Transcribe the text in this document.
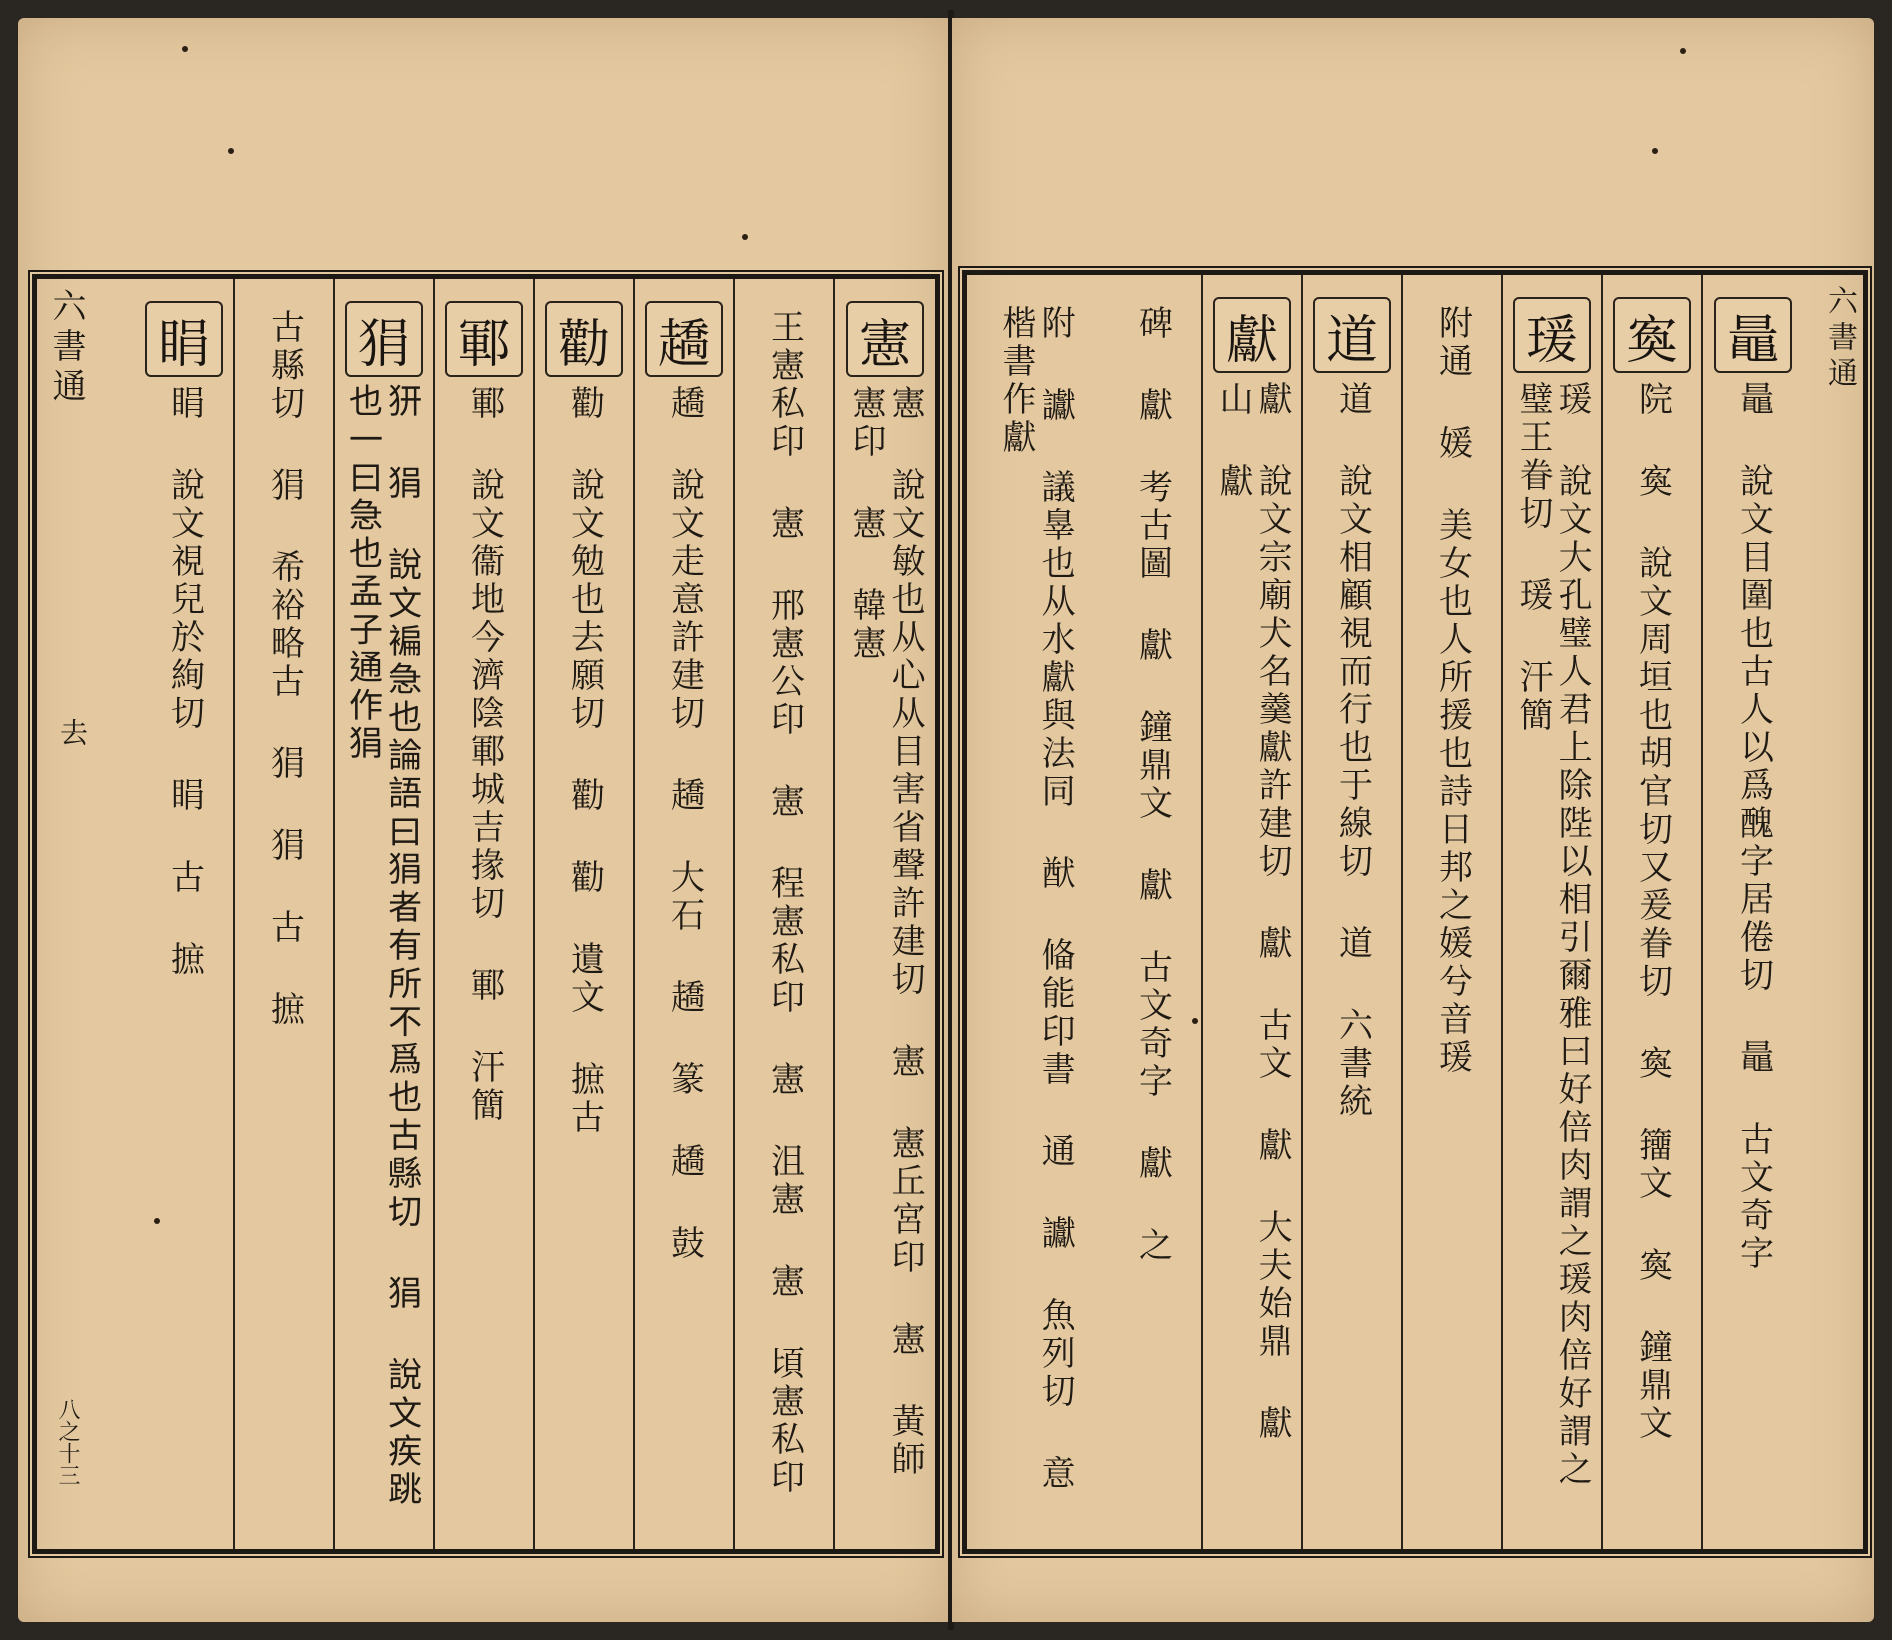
六書通
八之十三
去
憲
憲 說文敏也从心从目害省聲許建切 憲 憲丘宮印 憲 黃師憲印 憲 韓憲
王憲私印 憲 邢憲公印 憲 程憲私印 憲 沮憲 憲 頃憲私印
趫
趫 說文走意許建切 趫 大石 趫 篆 趫 鼓
勸
勸 說文勉也去願切 勸 勸 遺文 摭古
鄆
鄆 說文衞地今濟陰鄆城吉掾切 鄆 汗簡
狷
𤜵 狷 說文褊急也論語曰狷者有所不爲也古縣切 狷 說文疾跳也一曰急也孟子通作狷
古縣切 狷 希裕略古 狷 狷 古 摭
睊
睊 說文視兒於絢切 睊 古 摭
六書通
鼂
鼂 說文目圍也古人以爲醜字居倦切 鼂 古文奇字
寏
院 寏 說文周垣也胡官切又爰眷切 寏 籒文 寏 鐘鼎文
瑗
瑗 說文大孔璧人君上除陛以相引爾雅曰好倍肉謂之瑗肉倍好謂之璧王眷切 瑗 汗簡
附通 媛 美女也人所援也詩日邦之媛兮音瑗
道
道 說文相顧視而行也于線切 道 六書統
獻
獻 說文宗廟犬名羹獻許建切 獻 古文 獻 大夫始鼎 獻 山 獻
碑 獻 考古圖 獻 鐘鼎文 獻 古文奇字 獻 之
附 讞 議辠也从水獻與法同 猷 偹能印書 通 讞 魚列切 意 楷書作獻
